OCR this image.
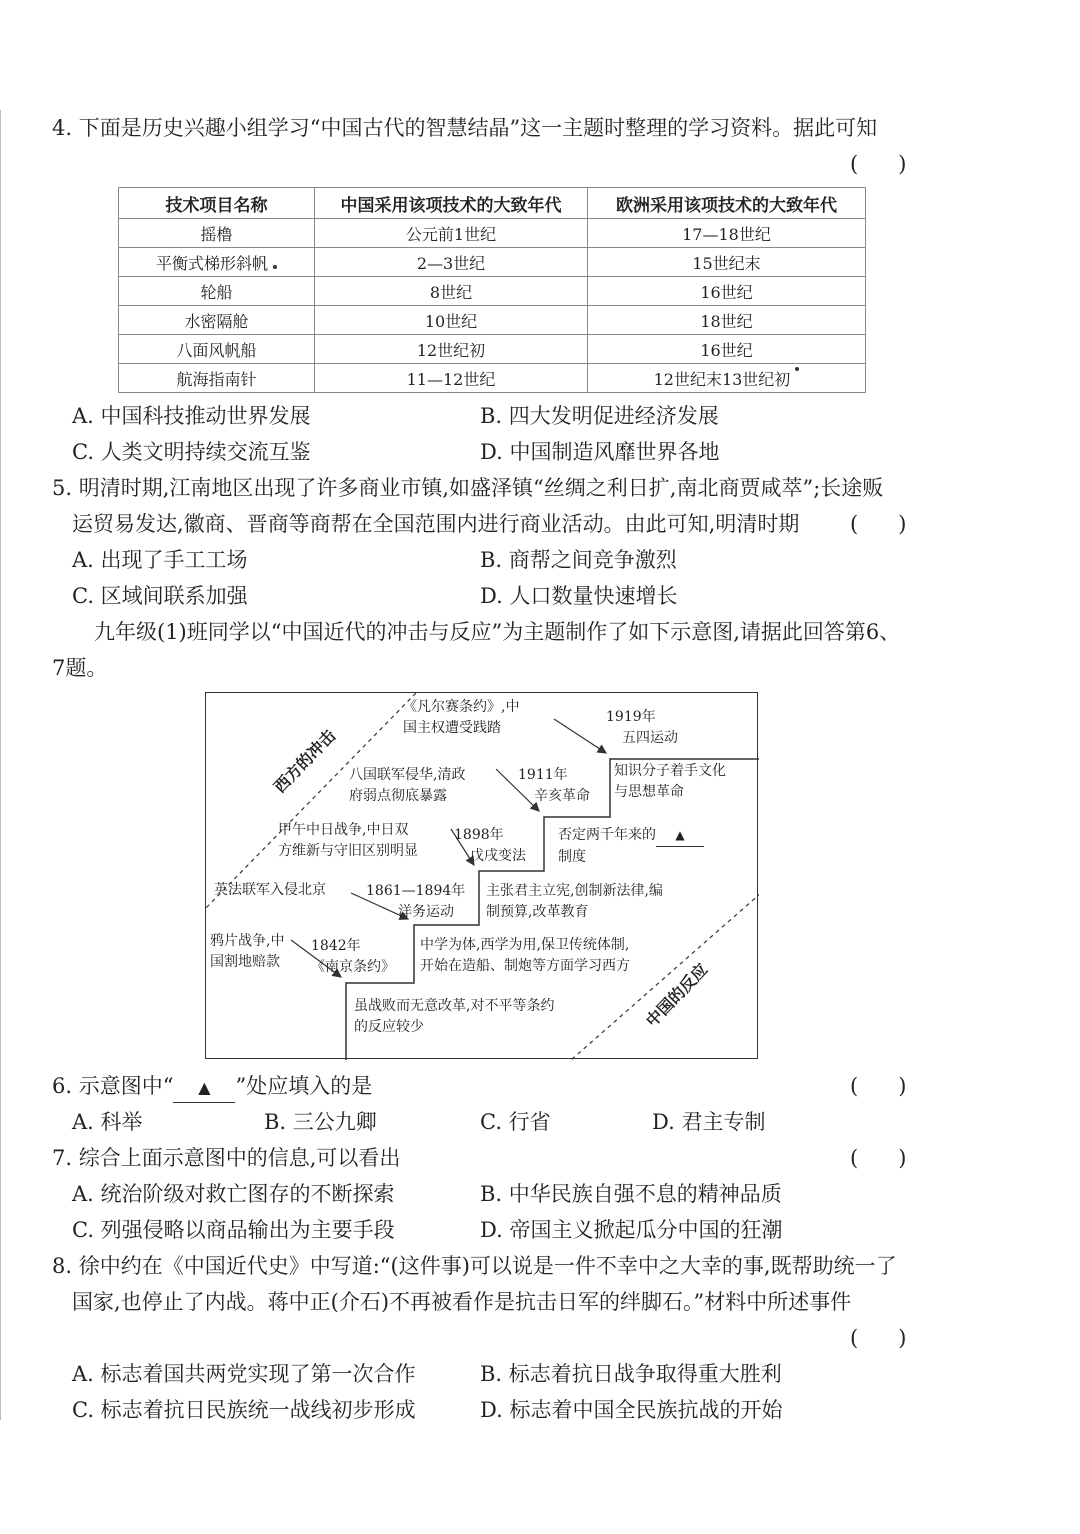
4. 下面是历史兴趣小组学习“中国古代的智慧结晶”这一主题时整理的学习资料。据此可知
(      )
技术项目名称	中国采用该项技术的大致年代	欧洲采用该项技术的大致年代
摇橹	公元前1世纪	17—18世纪
平衡式梯形斜帆	2—3世纪	15世纪末
轮船	8世纪	16世纪
水密隔舱	10世纪	18世纪
八面风帆船	12世纪初	16世纪
航海指南针	11—12世纪	12世纪末13世纪初
A. 中国科技推动世界发展	B. 四大发明促进经济发展
C. 人类文明持续交流互鉴	D. 中国制造风靡世界各地
5. 明清时期,江南地区出现了许多商业市镇,如盛泽镇“丝绸之利日扩,南北商贾咸萃”;长途贩
运贸易发达,徽商、晋商等商帮在全国范围内进行商业活动。由此可知,明清时期 (      )
A. 出现了手工工场	B. 商帮之间竞争激烈
C. 区域间联系加强	D. 人口数量快速增长
九年级(1)班同学以“中国近代的冲击与反应”为主题制作了如下示意图,请据此回答第6、
7题。
西方的冲击
中国的反应
鸦片战争,中
国割地赔款
英法联军入侵北京
甲午中日战争,中日双
方维新与守旧区别明显
八国联军侵华,清政
府弱点彻底暴露
《凡尔赛条约》,中
国主权遭受践踏
1842年
《南京条约》
1861—1894年
洋务运动
1898年
戊戌变法
1911年
辛亥革命
1919年
五四运动
虽战败而无意改革,对不平等条约
的反应较少
中学为体,西学为用,保卫传统体制,
开始在造船、制炮等方面学习西方
主张君主立宪,创制新法律,编
制预算,改革教育
否定两千年来的 ▲
制度
知识分子着手文化
与思想革命
6. 示意图中“ ▲ ”处应填入的是	(      )
A. 科举	B. 三公九卿	C. 行省	D. 君主专制
7. 综合上面示意图中的信息,可以看出	(      )
A. 统治阶级对救亡图存的不断探索	B. 中华民族自强不息的精神品质
C. 列强侵略以商品输出为主要手段	D. 帝国主义掀起瓜分中国的狂潮
8. 徐中约在《中国近代史》中写道:“(这件事)可以说是一件不幸中之大幸的事,既帮助统一了
国家,也停止了内战。蒋中正(介石)不再被看作是抗击日军的绊脚石。”材料中所述事件
(      )
A. 标志着国共两党实现了第一次合作	B. 标志着抗日战争取得重大胜利
C. 标志着抗日民族统一战线初步形成	D. 标志着中国全民族抗战的开始
